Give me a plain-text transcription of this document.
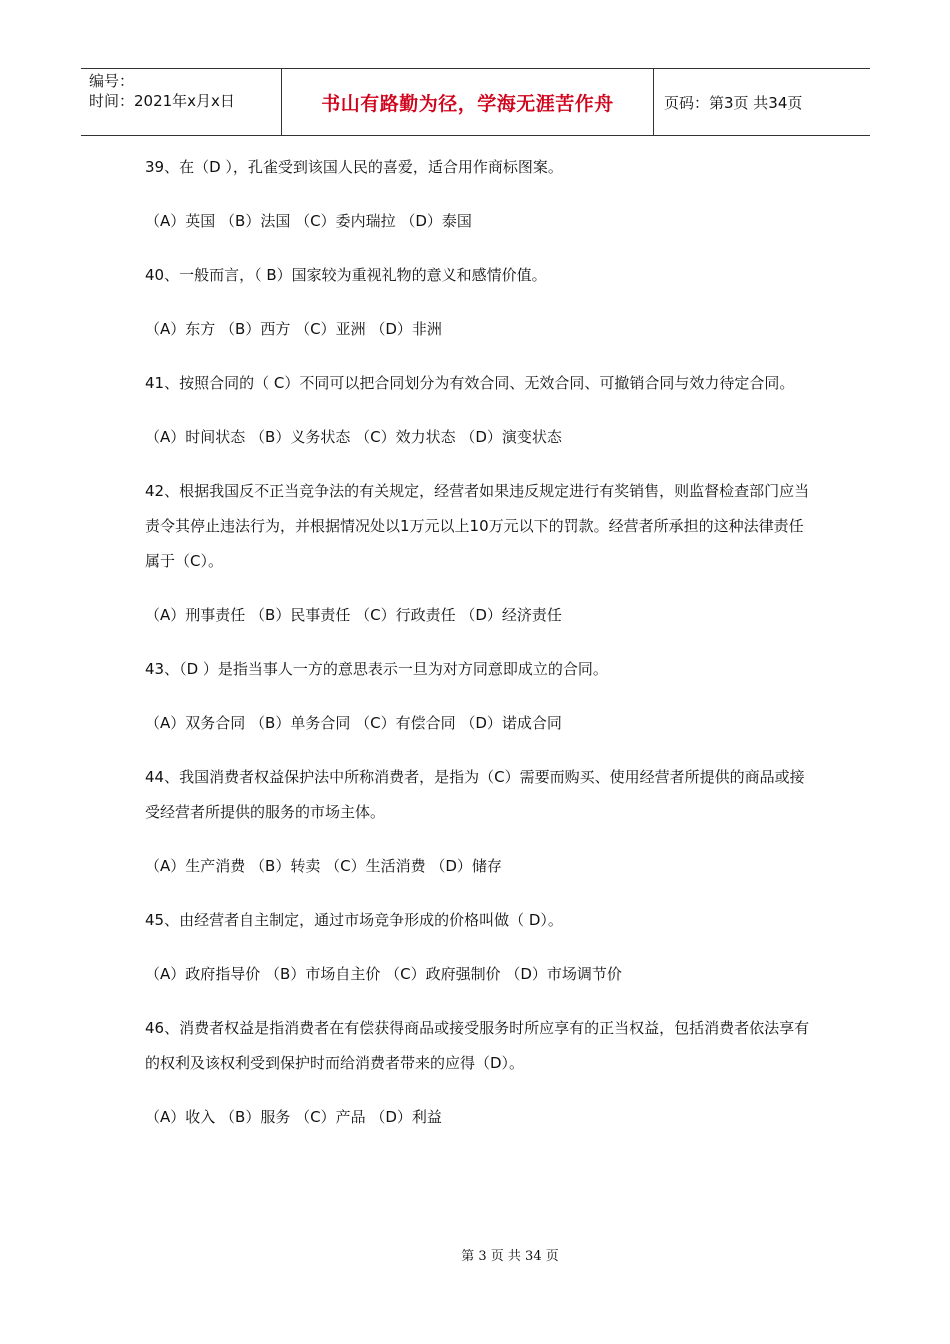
编号：
时间：2021年x月x日	书山有路勤为径，学海无涯苦作舟	页码：第3页 共34页

39、在（D ），孔雀受到该国人民的喜爱，适合用作商标图案。

（A）英国 （B）法国 （C）委内瑞拉 （D）泰国

40、一般而言，（ B）国家较为重视礼物的意义和感情价值。

（A）东方 （B）西方 （C）亚洲 （D）非洲

41、按照合同的（ C）不同可以把合同划分为有效合同、无效合同、可撤销合同与效力待定合同。

（A）时间状态 （B）义务状态 （C）效力状态 （D）演变状态

42、根据我国反不正当竞争法的有关规定，经营者如果违反规定进行有奖销售，则监督检查部门应当责令其停止违法行为，并根据情况处以1万元以上10万元以下的罚款。经营者所承担的这种法律责任属于（C）。

（A）刑事责任 （B）民事责任 （C）行政责任 （D）经济责任

43、（D ）是指当事人一方的意思表示一旦为对方同意即成立的合同。

（A）双务合同 （B）单务合同 （C）有偿合同 （D）诺成合同

44、我国消费者权益保护法中所称消费者，是指为（C）需要而购买、使用经营者所提供的商品或接受经营者所提供的服务的市场主体。

（A）生产消费 （B）转卖 （C）生活消费 （D）储存

45、由经营者自主制定，通过市场竞争形成的价格叫做（ D）。

（A）政府指导价 （B）市场自主价 （C）政府强制价 （D）市场调节价

46、消费者权益是指消费者在有偿获得商品或接受服务时所应享有的正当权益，包括消费者依法享有的权利及该权利受到保护时而给消费者带来的应得（D）。

（A）收入 （B）服务 （C）产品 （D）利益

第 3 页 共 34 页
